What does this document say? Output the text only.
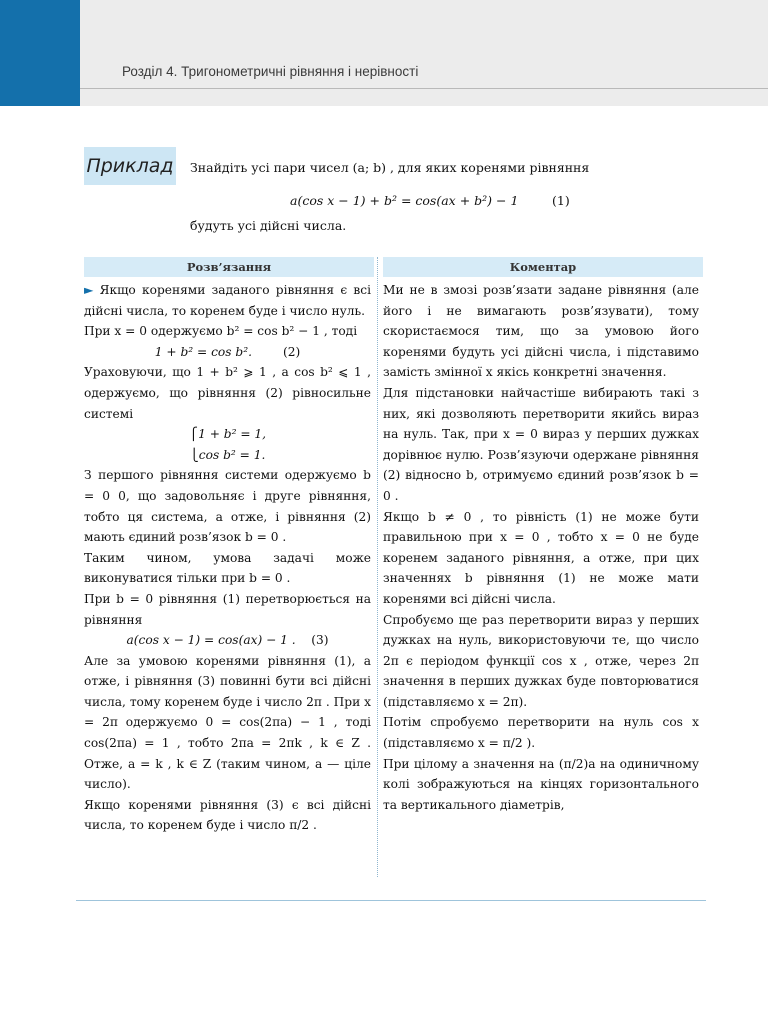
Розділ 4. Тригонометричні рівняння і нерівності
Приклад Знайдіть усі пари чисел (a; b) , для яких коренями рівняння
a(cos x − 1) + b² = cos(ax + b²) − 1	(1)
будуть усі дійсні числа.
Розв’язання	Коментар

► Якщо коренями заданого рівняння є всі дійсні числа, то коренем буде і число нуль.

При x = 0 одержуємо b² = cos b² − 1 , тоді

1 + b² = cos b².	(2)

Ураховуючи, що 1 + b² ⩾ 1 , а cos b² ⩽ 1 , одержуємо, що рівняння (2) рівносильне системі

⎧1 + b² = 1,

⎩cos b² = 1.

З першого рівняння системи одержуємо b = 0 0, що задовольняє і друге рівняння, тобто ця система, а отже, і рівняння (2) мають єдиний розв’язок b = 0 .

Таким чином, умова задачі може виконуватися тільки при b = 0 .

При b = 0 рівняння (1) перетворюється на рівняння

a(cos x − 1) = cos(ax) − 1 . (3)

Але за умовою коренями рівняння (1), а отже, і рівняння (3) повинні бути всі дійсні числа, тому коренем буде і число 2π . При x = 2π одержуємо 0 = cos(2πa) − 1 , тоді cos(2πa) = 1 , тобто 2πa = 2πk , k ∈ Z . Отже, a = k , k ∈ Z (таким чином, a — ціле число).

Якщо коренями рівняння (3) є всі дійсні числа, то коренем буде і число π/2 .

Ми не в змозі розв’язати задане рівняння (але його і не вимагають розв’язувати), тому скористаємося тим, що за умовою його коренями будуть усі дійсні числа, і підставимо замість змінної x якісь конкретні значення.

Для підстановки найчастіше вибирають такі з них, які дозволяють перетворити якийсь вираз на нуль. Так, при x = 0 вираз у перших дужках дорівнює нулю. Розв’язуючи одержане рівняння (2) відносно b, отримуємо єдиний розв’язок b = 0 .

Якщо b ≠ 0 , то рівність (1) не може бути правильною при x = 0 , тобто x = 0 не буде коренем заданого рівняння, а отже, при цих значеннях b рівняння (1) не може мати коренями всі дійсні числа.

Спробуємо ще раз перетворити вираз у перших дужках на нуль, використовуючи те, що число 2π є періодом функції cos x , отже, через 2π значення в перших дужках буде повторюватися (підставляємо x = 2π).

Потім спробуємо перетворити на нуль cos x (підставляємо x = π/2 ).

При цілому a значення на (π/2)a на одиничному колі зображуються на кінцях горизонтального та вертикального діаметрів,
